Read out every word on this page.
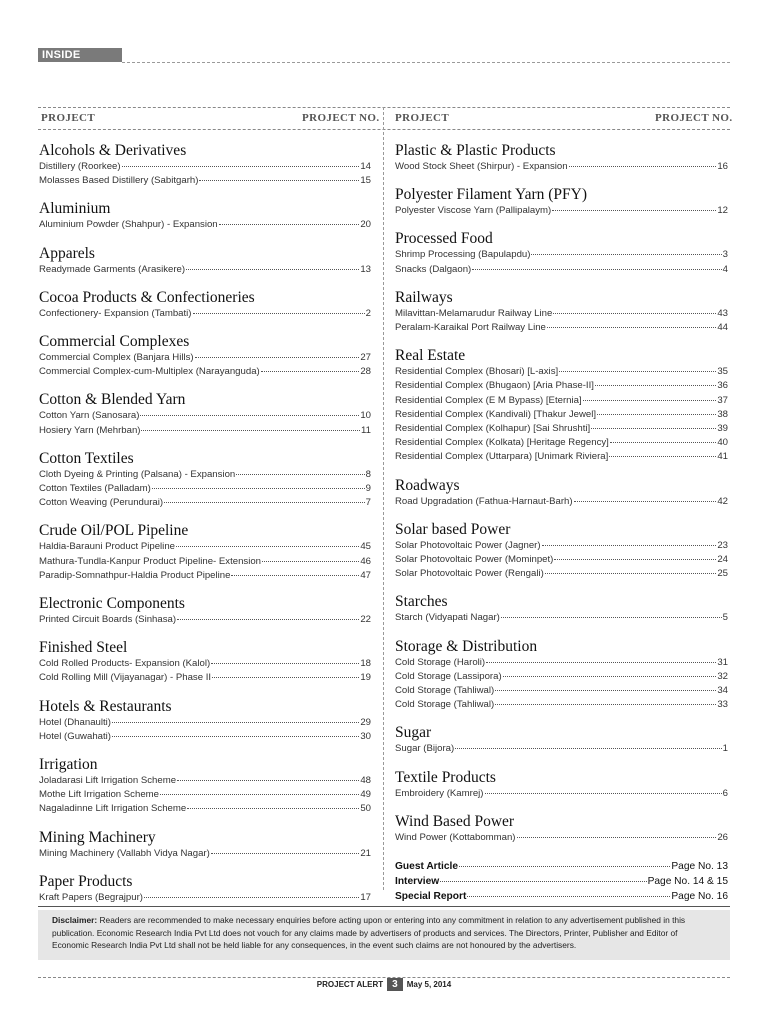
INSIDE
PROJECT	PROJECT NO. PROJECT	PROJECT NO.
Alcohols & Derivatives
Distillery (Roorkee)	14
Molasses Based Distillery (Sabitgarh)	15
Aluminium
Aluminium Powder (Shahpur) - Expansion	20
Apparels
Readymade Garments (Arasikere)	13
Cocoa Products & Confectioneries
Confectionery- Expansion (Tambati)	2
Commercial Complexes
Commercial Complex (Banjara Hills)	27
Commercial Complex-cum-Multiplex (Narayanguda)	28
Cotton & Blended Yarn
Cotton Yarn (Sanosara)	10
Hosiery Yarn (Mehrban)	11
Cotton Textiles
Cloth Dyeing & Printing (Palsana) - Expansion	8
Cotton Textiles (Palladam)	9
Cotton Weaving (Perundurai)	7
Crude Oil/POL Pipeline
Haldia-Barauni Product Pipeline	45
Mathura-Tundla-Kanpur Product Pipeline- Extension	46
Paradip-Somnathpur-Haldia Product Pipeline	47
Electronic Components
Printed Circuit Boards (Sinhasa)	22
Finished Steel
Cold Rolled Products- Expansion (Kalol)	18
Cold Rolling Mill (Vijayanagar) - Phase II	19
Hotels & Restaurants
Hotel (Dhanaulti)	29
Hotel (Guwahati)	30
Irrigation
Joladarasi Lift Irrigation Scheme	48
Mothe Lift Irrigation Scheme	49
Nagaladinne Lift Irrigation Scheme	50
Mining Machinery
Mining Machinery (Vallabh Vidya Nagar)	21
Paper Products
Kraft Papers (Begrajpur)	17
Plastic & Plastic Products
Wood Stock Sheet (Shirpur) - Expansion	16
Polyester Filament Yarn (PFY)
Polyester Viscose Yarn (Pallipalaym)	12
Processed Food
Shrimp Processing (Bapulapdu)	3
Snacks (Dalgaon)	4
Railways
Milavittan-Melamarudur Railway Line	43
Peralam-Karaikal Port Railway Line	44
Real Estate
Residential Complex (Bhosari) [L-axis]	35
Residential Complex (Bhugaon) [Aria Phase-II]	36
Residential Complex (E M Bypass) [Eternia]	37
Residential Complex (Kandivali) [Thakur Jewel]	38
Residential Complex (Kolhapur) [Sai Shrushti]	39
Residential Complex (Kolkata) [Heritage Regency]	40
Residential Complex (Uttarpara) [Unimark Riviera]	41
Roadways
Road Upgradation (Fathua-Harnaut-Barh)	42
Solar based Power
Solar Photovoltaic Power (Jagner)	23
Solar Photovoltaic Power (Mominpet)	24
Solar Photovoltaic Power (Rengali)	25
Starches
Starch (Vidyapati Nagar)	5
Storage & Distribution
Cold Storage (Haroli)	31
Cold Storage (Lassipora)	32
Cold Storage (Tahliwal)	34
Cold Storage (Tahliwal)	33
Sugar
Sugar (Bijora)	1
Textile Products
Embroidery (Kamrej)	6
Wind Based Power
Wind Power (Kottabomman)	26
Guest Article	Page No. 13
Interview	Page No. 14 & 15
Special Report	Page No. 16
Disclaimer: Readers are recommended to make necessary enquiries before acting upon or entering into any commitment in relation to any advertisement published in this publication. Economic Research India Pvt Ltd does not vouch for any claims made by advertisers of products and services. The Directors, Printer, Publisher and Editor of Economic Research India Pvt Ltd shall not be held liable for any consequences, in the event such claims are not honoured by the advertisers.
PROJECT ALERT 3 May 5, 2014
